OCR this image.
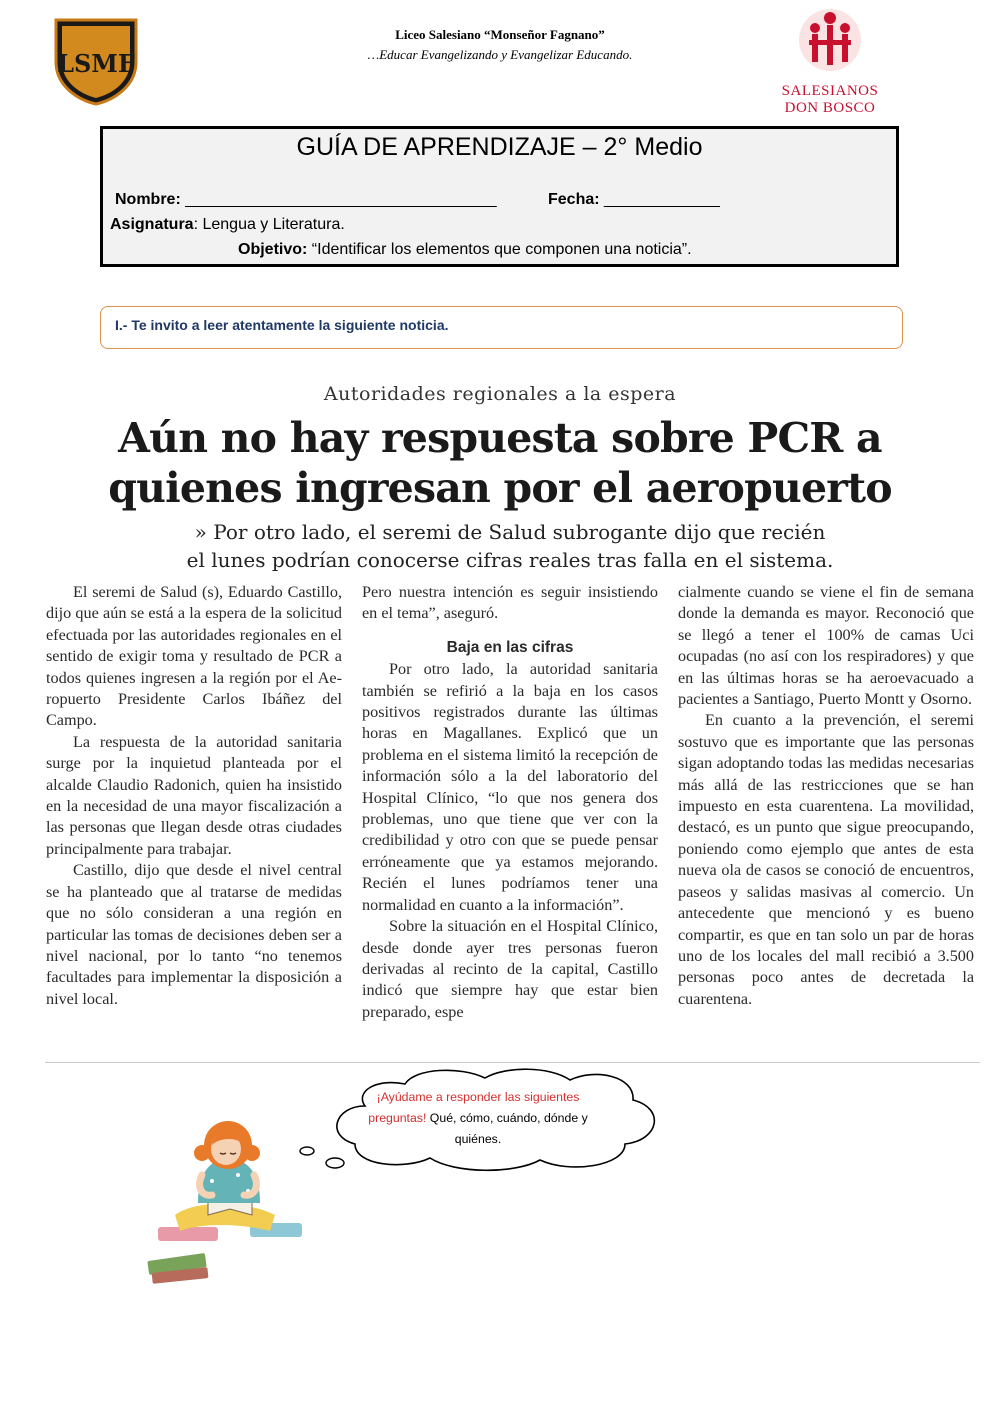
LSMF
Liceo Salesiano “Monseñor Fagnano”
…Educar Evangelizando y Evangelizar Educando.
SALESIANOS
DON BOSCO
GUÍA DE APRENDIZAJE – 2° Medio
Nombre: ___________________________________	Fecha: _____________
Asignatura: Lengua y Literatura.
Objetivo: “Identificar los elementos que componen una noticia”.
I.- Te invito a leer atentamente la siguiente noticia.
Autoridades regionales a la espera
Aún no hay respuesta sobre PCR a
quienes ingresan por el aeropuerto
» Por otro lado, el seremi de Salud subrogante dijo que recién
el lunes podrían conocerse cifras reales tras falla en el sistema.

El seremi de Salud (s), Eduardo Castillo, dijo que aún se está a la espera de la solicitud efectuada por las autoridades regionales en el sentido de exigir toma y resultado de PCR a todos quienes ingresen a la región por el Aeropuerto Presidente Carlos Ibáñez del Campo.

La respuesta de la autoridad sanitaria surge por la inquietud planteada por el alcalde Claudio Radonich, quien ha insistido en la necesidad de una mayor fiscalización a las personas que llegan desde otras ciudades principalmente para trabajar.

Castillo, dijo que desde el nivel central se ha planteado que al tratarse de medidas que no sólo consideran a una región en particular las tomas de decisiones deben ser a nivel nacional, por lo tanto “no tenemos facultades para implementar la disposición a nivel local.

Pero nuestra intención es seguir insistiendo en el tema”, aseguró.

Baja en las cifras

Por otro lado, la autoridad sanitaria también se refirió a la baja en los casos positivos registrados durante las últimas horas en Magallanes. Explicó que un problema en el sistema limitó la recepción de información sólo a la del laboratorio del Hospital Clínico, “lo que nos genera dos problemas, uno que tiene que ver con la credibilidad y otro con que se puede pensar erróneamente que ya estamos mejorando. Recién el lunes podríamos tener una normalidad en cuanto a la información”.

Sobre la situación en el Hospital Clínico, desde donde ayer tres personas fueron derivadas al recinto de la capital, Castillo indicó que siempre hay que estar bien preparado, espe

cialmente cuando se viene el fin de semana donde la demanda es mayor. Reconoció que se llegó a tener el 100% de camas Uci ocupadas (no así con los respiradores) y que en las últimas horas se ha aeroevacuado a pacientes a Santiago, Puerto Montt y Osorno.

En cuanto a la prevención, el seremi sostuvo que es importante que las personas sigan adoptando todas las medidas necesarias más allá de las restricciones que se han impuesto en esta cuarentena. La movilidad, destacó, es un punto que sigue preocupando, poniendo como ejemplo que antes de esta nueva ola de casos se conoció de encuentros, paseos y salidas masivas al comercio. Un antecedente que mencionó y es bueno compartir, es que en tan solo un par de horas uno de los locales del mall recibió a 3.500 personas poco antes de decretada la cuarentena.

¡Ayúdame a responder las siguientes preguntas! Qué, cómo, cuándo, dónde y quiénes.
